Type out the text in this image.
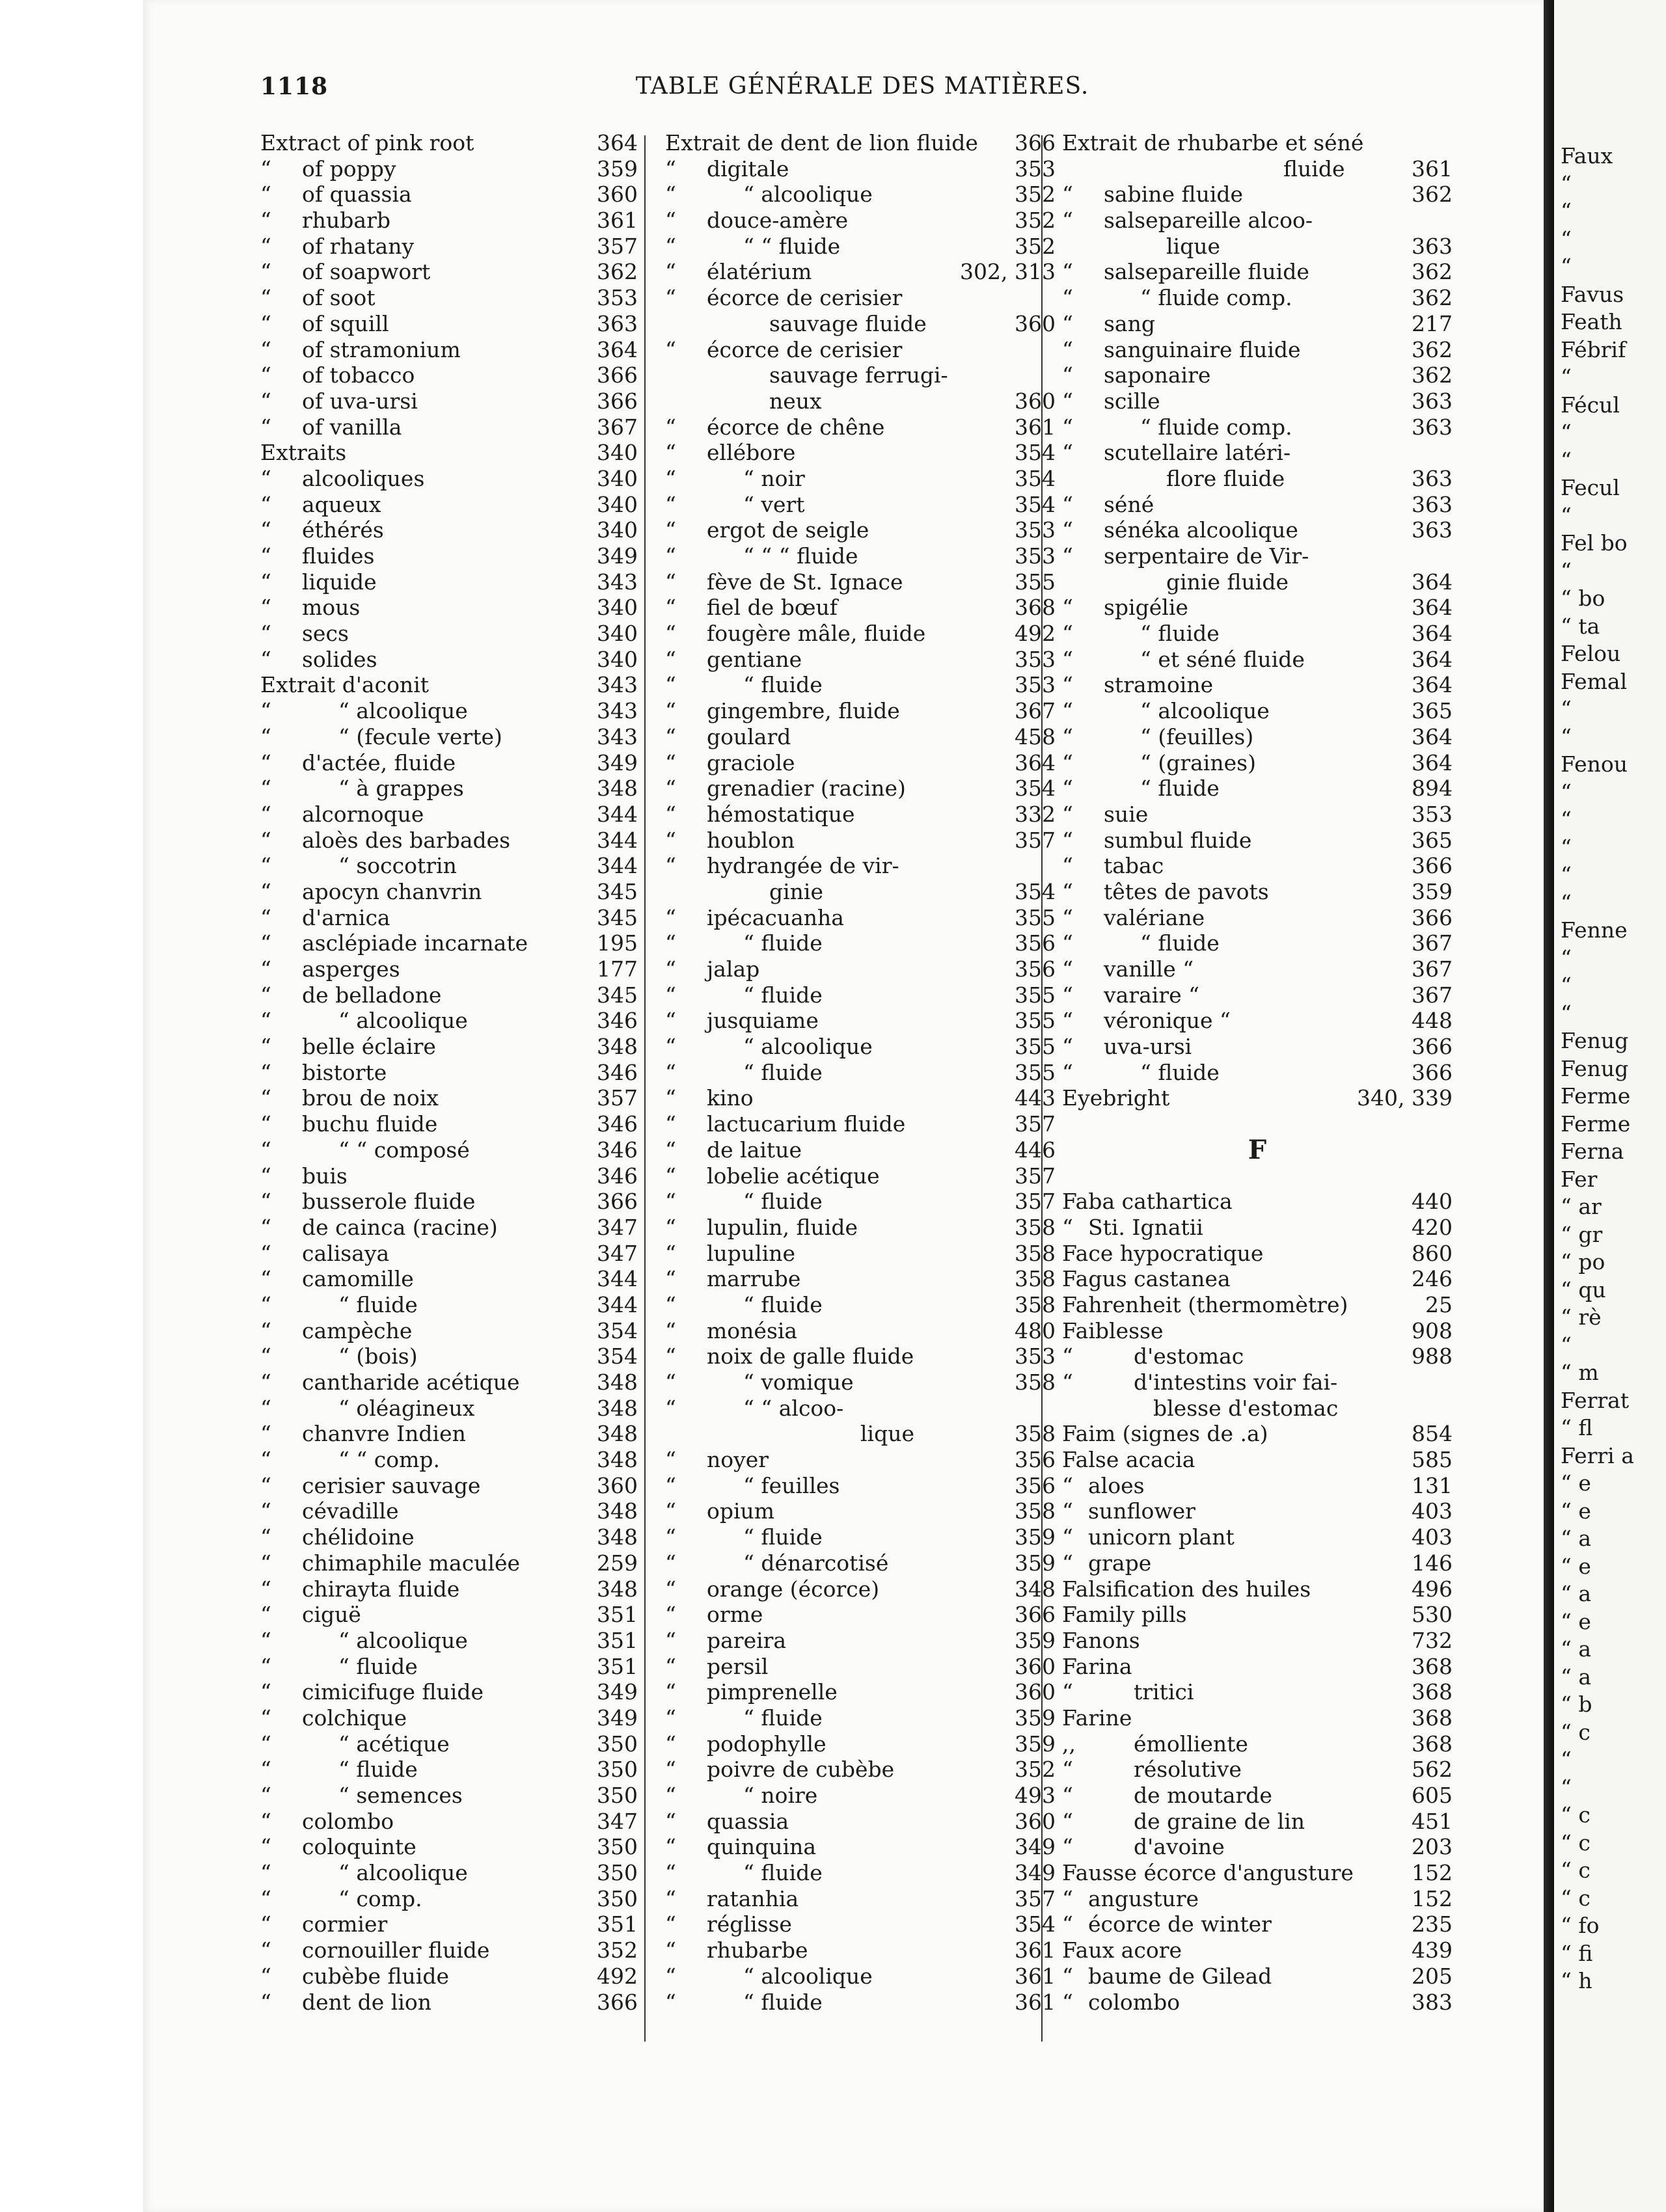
Faux
“
“
“
“
Favus
Feath
Fébrif
“
Fécul
“
“
Fecul
“
Fel bo
“
“ bo
“ ta
Felou
Femal
“
“
Fenou
“
“
“
“
“
Fenne
“
“
“
Fenug
Fenug
Ferme
Ferme
Ferna
Fer
“ ar
“ gr
“ po
“ qu
“ rè
“
“ m
Ferrat
“ fl
Ferri a
“ e
“ e
“ a
“ e
“ a
“ e
“ a
“ a
“ b
“ c
“
“
“ c
“ c
“ c
“ c
“ fo
“ fi
“ h
1118	TABLE GÉNÉRALE DES MATIÈRES.
Extract of pink root	364
“	of poppy	359
“	of quassia	360
“	rhubarb	361
“	of rhatany	357
“	of soapwort	362
“	of soot	353
“	of squill	363
“	of stramonium	364
“	of tobacco	366
“	of uva-ursi	366
“	of vanilla	367
Extraits	340
“	alcooliques	340
“	aqueux	340
“	éthérés	340
“	fluides	349
“	liquide	343
“	mous	340
“	secs	340
“	solides	340
Extrait d'aconit	343
“	“ alcoolique	343
“	“ (fecule verte)	343
“	d'actée, fluide	349
“	“ à grappes	348
“	alcornoque	344
“	aloès des barbades	344
“	“ soccotrin	344
“	apocyn chanvrin	345
“	d'arnica	345
“	asclépiade incarnate	195
“	asperges	177
“	de belladone	345
“	“ alcoolique	346
“	belle éclaire	348
“	bistorte	346
“	brou de noix	357
“	buchu fluide	346
“	“ “ composé	346
“	buis	346
“	busserole fluide	366
“	de cainca (racine)	347
“	calisaya	347
“	camomille	344
“	“ fluide	344
“	campèche	354
“	“ (bois)	354
“	cantharide acétique	348
“	“ oléagineux	348
“	chanvre Indien	348
“	“ “ comp.	348
“	cerisier sauvage	360
“	cévadille	348
“	chélidoine	348
“	chimaphile maculée	259
“	chirayta fluide	348
“	ciguë	351
“	“ alcoolique	351
“	“ fluide	351
“	cimicifuge fluide	349
“	colchique	349
“	“ acétique	350
“	“ fluide	350
“	“ semences	350
“	colombo	347
“	coloquinte	350
“	“ alcoolique	350
“	“ comp.	350
“	cormier	351
“	cornouiller fluide	352
“	cubèbe fluide	492
“	dent de lion	366
Extrait de dent de lion fluide 366
“	digitale	353
“	“ alcoolique	352
“	douce-amère	352
“	“ “ fluide	352
“	élatérium	302, 313
“	écorce de cerisier
sauvage fluide	360
“	écorce de cerisier
sauvage ferrugi-
neux	360
“	écorce de chêne	361
“	ellébore	354
“	“ noir	354
“	“ vert	354
“	ergot de seigle	353
“	“ “ “ fluide	353
“	fève de St. Ignace	355
“	fiel de bœuf	368
“	fougère mâle, fluide	492
“	gentiane	353
“	“ fluide	353
“	gingembre, fluide	367
“	goulard	458
“	graciole	364
“	grenadier (racine)	354
“	hémostatique	332
“	houblon	357
“	hydrangée de vir-
ginie	354
“	ipécacuanha	355
“	“ fluide	356
“	jalap	356
“	“ fluide	355
“	jusquiame	355
“	“ alcoolique	355
“	“ fluide	355
“	kino	443
“	lactucarium fluide	357
“	de laitue	446
“	lobelie acétique	357
“	“ fluide	357
“	lupulin, fluide	358
“	lupuline	358
“	marrube	358
“	“ fluide	358
“	monésia	480
“	noix de galle fluide	353
“	“ vomique	358
“	“ “ alcoo-
lique	358
“	noyer	356
“	“ feuilles	356
“	opium	358
“	“ fluide	359
“	“ dénarcotisé	359
“	orange (écorce)	348
“	orme	366
“	pareira	359
“	persil	360
“	pimprenelle	360
“	“ fluide	359
“	podophylle	359
“	poivre de cubèbe	352
“	“ noire	493
“	quassia	360
“	quinquina	349
“	“ fluide	349
“	ratanhia	357
“	réglisse	354
“	rhubarbe	361
“	“ alcoolique	361
“	“ fluide	361
Extrait de rhubarbe et séné
fluide	361
“	sabine fluide	362
“	salsepareille alcoo-
lique	363
“	salsepareille fluide	362
“	“ fluide comp.	362
“	sang	217
“	sanguinaire fluide	362
“	saponaire	362
“	scille	363
“	“ fluide comp.	363
“	scutellaire latéri-
flore fluide	363
“	séné	363
“	sénéka alcoolique	363
“	serpentaire de Vir-
ginie fluide	364
“	spigélie	364
“	“ fluide	364
“	“ et séné fluide	364
“	stramoine	364
“	“ alcoolique	365
“	“ (feuilles)	364
“	“ (graines)	364
“	“ fluide	894
“	suie	353
“	sumbul fluide	365
“	tabac	366
“	têtes de pavots	359
“	valériane	366
“	“ fluide	367
“	vanille “	367
“	varaire “	367
“	véronique “	448
“	uva-ursi	366
“	“ fluide	366
Eyebright	340, 339
F
Faba cathartica	440
“ Sti. Ignatii	420
Face hypocratique	860
Fagus castanea	246
Fahrenheit (thermomètre)	25
Faiblesse	908
“	d'estomac	988
“	d'intestins voir fai-
blesse d'estomac
Faim (signes de .a)	854
False acacia	585
“ aloes	131
“ sunflower	403
“ unicorn plant	403
“ grape	146
Falsification des huiles	496
Family pills	530
Fanons	732
Farina	368
“	tritici	368
Farine	368
,,	émolliente	368
“	résolutive	562
“	de moutarde	605
“	de graine de lin	451
“	d'avoine	203
Fausse écorce d'angusture	152
“ angusture	152
“ écorce de winter	235
Faux acore	439
“ baume de Gilead	205
“ colombo	383
